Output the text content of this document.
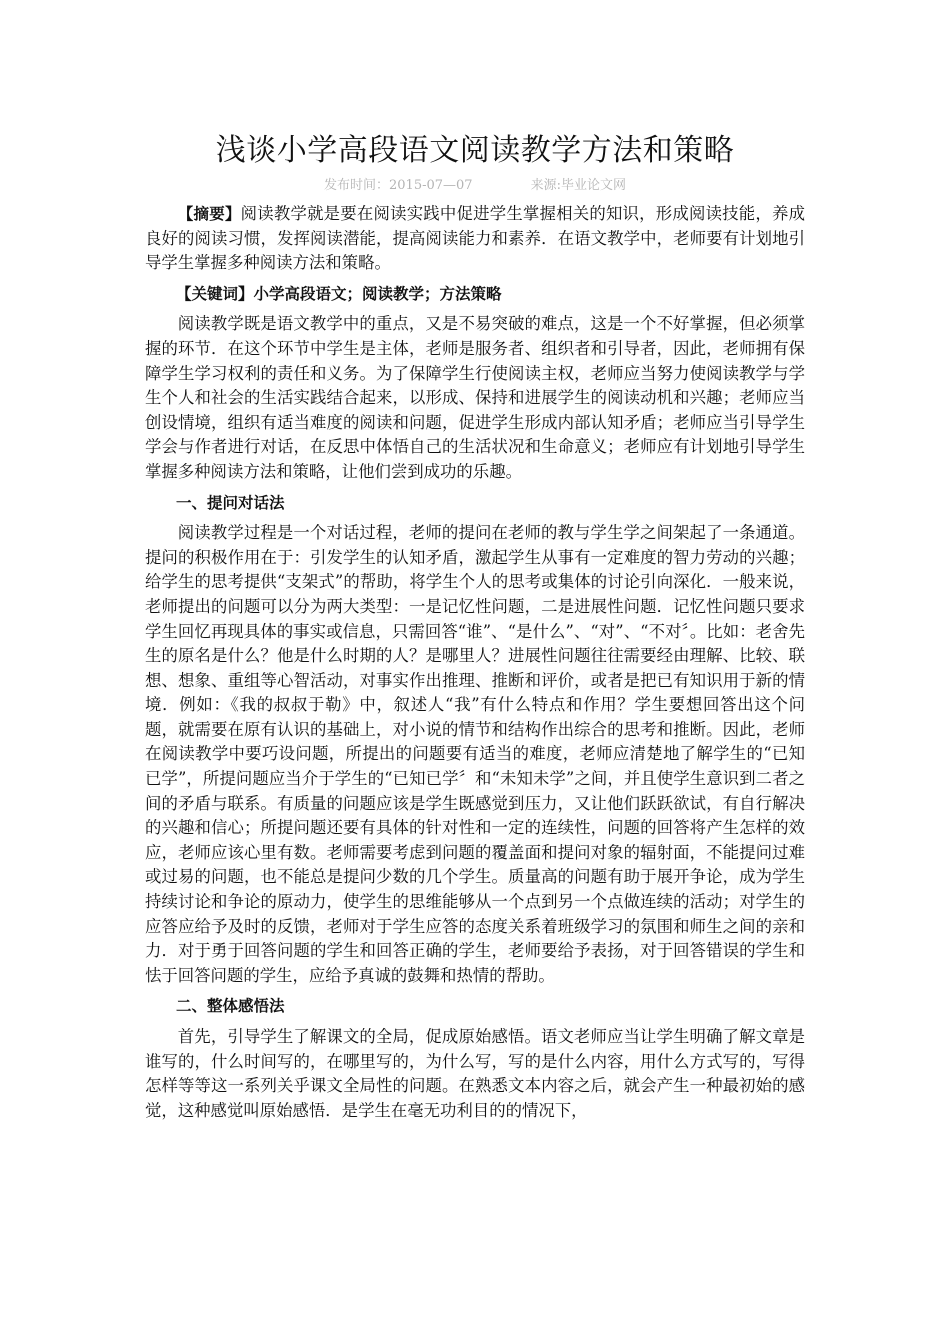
浅谈小学高段语文阅读教学方法和策略
发布时间：2015-07—07	来源:毕业论文网

【摘要】阅读教学就是要在阅读实践中促进学生掌握相关的知识，形成阅读技能，养成良好的阅读习惯，发挥阅读潜能，提高阅读能力和素养．在语文教学中，老师要有计划地引导学生掌握多种阅读方法和策略。

【关键词】小学高段语文；阅读教学；方法策略

阅读教学既是语文教学中的重点，又是不易突破的难点，这是一个不好掌握，但必须掌握的环节．在这个环节中学生是主体，老师是服务者、组织者和引导者，因此，老师拥有保障学生学习权利的责任和义务。为了保障学生行使阅读主权，老师应当努力使阅读教学与学生个人和社会的生活实践结合起来，以形成、保持和进展学生的阅读动机和兴趣；老师应当创设情境，组织有适当难度的阅读和问题，促进学生形成内部认知矛盾；老师应当引导学生学会与作者进行对话，在反思中体悟自己的生活状况和生命意义；老师应有计划地引导学生掌握多种阅读方法和策略，让他们尝到成功的乐趣。

一、提问对话法

阅读教学过程是一个对话过程，老师的提问在老师的教与学生学之间架起了一条通道。提问的积极作用在于：引发学生的认知矛盾，激起学生从事有一定难度的智力劳动的兴趣；给学生的思考提供“支架式”的帮助，将学生个人的思考或集体的讨论引向深化．一般来说，老师提出的问题可以分为两大类型：一是记忆性问题，二是进展性问题．记忆性问题只要求学生回忆再现具体的事实或信息，只需回答“谁”、“是什么”、“对”、“不对〞。比如：老舍先生的原名是什么？他是什么时期的人？是哪里人？进展性问题往往需要经由理解、比较、联想、想象、重组等心智活动，对事实作出推理、推断和评价，或者是把已有知识用于新的情境．例如：《我的叔叔于勒》中，叙述人“我”有什么特点和作用？学生要想回答出这个问题，就需要在原有认识的基础上，对小说的情节和结构作出综合的思考和推断。因此，老师在阅读教学中要巧设问题，所提出的问题要有适当的难度，老师应清楚地了解学生的“已知已学”，所提问题应当介于学生的“已知已学〞和“未知未学”之间，并且使学生意识到二者之间的矛盾与联系。有质量的问题应该是学生既感觉到压力，又让他们跃跃欲试，有自行解决的兴趣和信心；所提问题还要有具体的针对性和一定的连续性，问题的回答将产生怎样的效应，老师应该心里有数。老师需要考虑到问题的覆盖面和提问对象的辐射面，不能提问过难或过易的问题，也不能总是提问少数的几个学生。质量高的问题有助于展开争论，成为学生持续讨论和争论的原动力，使学生的思维能够从一个点到另一个点做连续的活动；对学生的应答应给予及时的反馈，老师对于学生应答的态度关系着班级学习的氛围和师生之间的亲和力．对于勇于回答问题的学生和回答正确的学生，老师要给予表扬，对于回答错误的学生和怯于回答问题的学生，应给予真诚的鼓舞和热情的帮助。

二、整体感悟法

首先，引导学生了解课文的全局，促成原始感悟。语文老师应当让学生明确了解文章是谁写的，什么时间写的，在哪里写的，为什么写，写的是什么内容，用什么方式写的，写得怎样等等这一系列关乎课文全局性的问题。在熟悉文本内容之后，就会产生一种最初始的感觉，这种感觉叫原始感悟．是学生在毫无功利目的的情况下，
